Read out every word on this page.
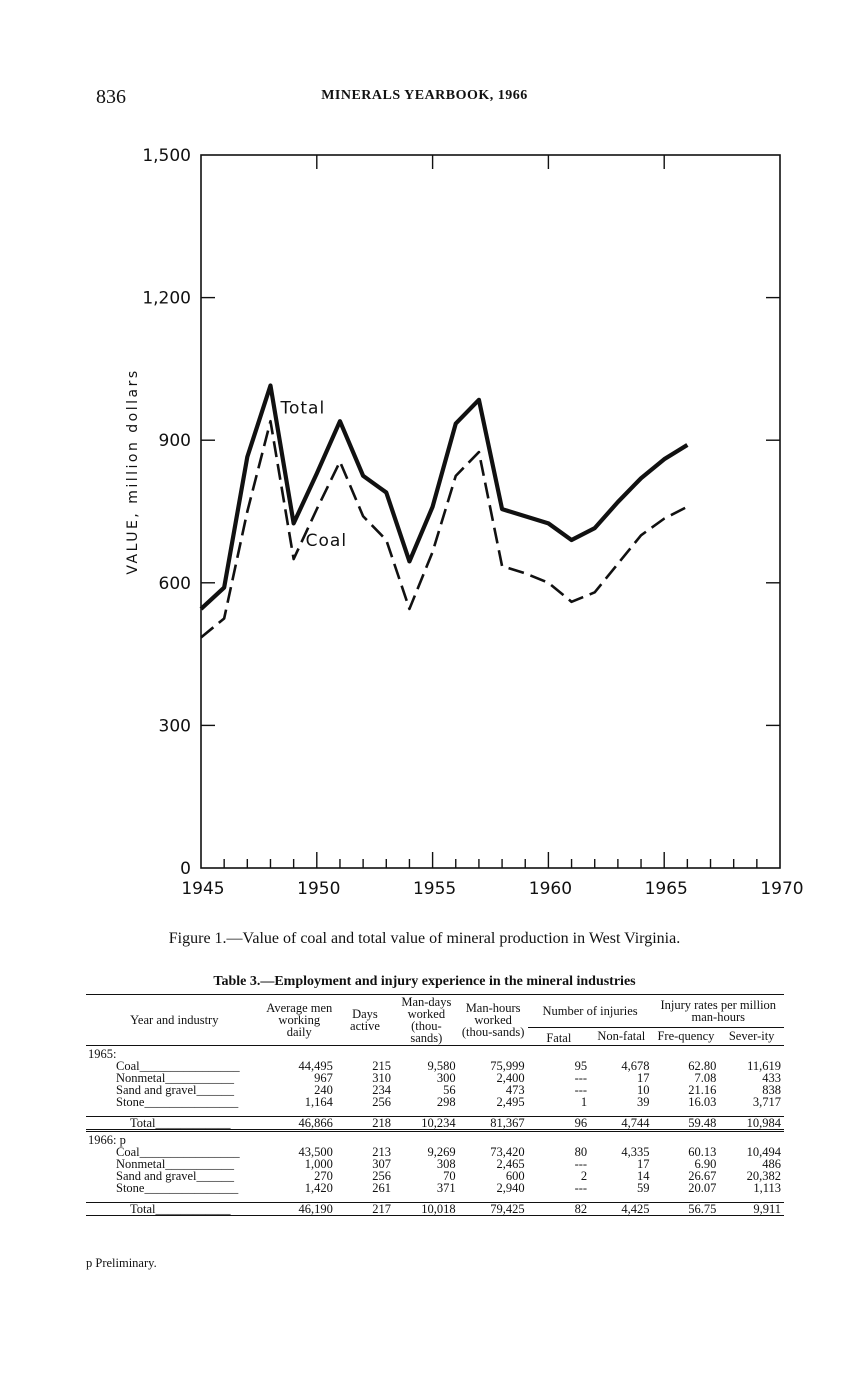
836	MINERALS YEARBOOK, 1966
0
300
600
900
1,200
1,500
1945	1950	1955	1960	1965	1970
VALUE, million dollars	Total
Coal
Figure 1.—Value of coal and total value of mineral production in West Virginia.
Table 3.—Employment and injury experience in the mineral industries
Year and industry	Average men working daily	Days active	Man-days worked (thou-sands)	Man-hours worked (thou-sands)	Number of injuries		Injury rates per million man-hours	
					Fatal	Non-fatal	Fre-quency	Sever-ity
1965:								
Coal________________	44,495	215	9,580	75,999	95	4,678	62.80	11,619
Nonmetal___________	967	310	300	2,400	---	17	7.08	433
Sand and gravel______	240	234	56	473	---	10	21.16	838
Stone_______________	1,164	256	298	2,495	1	39	16.03	3,717

Total____________	46,866	218	10,234	81,367	96	4,744	59.48	10,984
1966: p								
Coal________________	43,500	213	9,269	73,420	80	4,335	60.13	10,494
Nonmetal___________	1,000	307	308	2,465	---	17	6.90	486
Sand and gravel______	270	256	70	600	2	14	26.67	20,382
Stone_______________	1,420	261	371	2,940	---	59	20.07	1,113

Total____________	46,190	217	10,018	79,425	82	4,425	56.75	9,911
p Preliminary.
